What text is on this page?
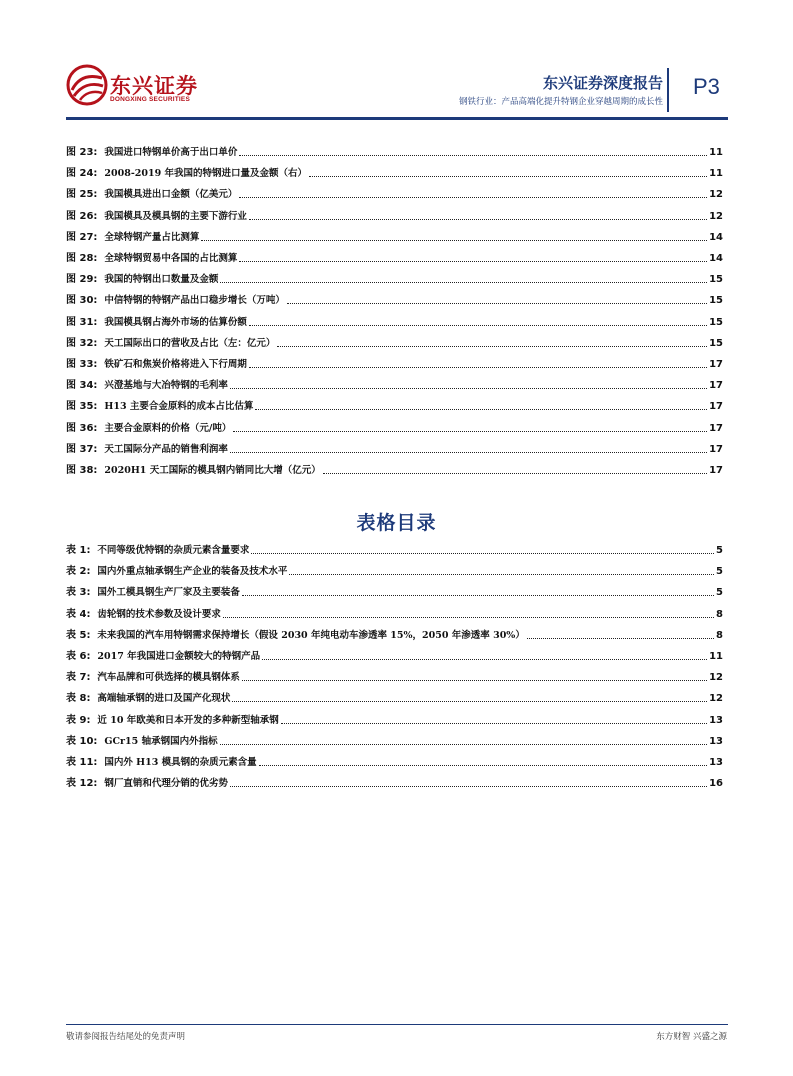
东兴证券
DONGXING SECURITIES
东兴证券深度报告
钢铁行业：产品高端化提升特钢企业穿越周期的成长性
P3
图 23:
我国进口特钢单价高于出口单价	11
图 24:
2008-2019 年我国的特钢进口量及金额（右）	11
图 25:
我国模具进出口金额（亿美元）	12
图 26:
我国模具及模具钢的主要下游行业	12
图 27:
全球特钢产量占比测算	14
图 28:
全球特钢贸易中各国的占比测算	14
图 29:
我国的特钢出口数量及金额	15
图 30:
中信特钢的特钢产品出口稳步增长（万吨）	15
图 31:
我国模具钢占海外市场的估算份额	15
图 32:
天工国际出口的营收及占比（左：亿元）	15
图 33:
铁矿石和焦炭价格将进入下行周期	17
图 34:
兴澄基地与大冶特钢的毛利率	17
图 35:
H13 主要合金原料的成本占比估算	17
图 36:
主要合金原料的价格（元/吨）	17
图 37:
天工国际分产品的销售利润率	17
图 38:
2020H1 天工国际的模具钢内销同比大增（亿元）	17
表格目录
表 1:
不同等级优特钢的杂质元素含量要求	5
表 2:
国内外重点轴承钢生产企业的装备及技术水平	5
表 3:
国外工模具钢生产厂家及主要装备	5
表 4:
齿轮钢的技术参数及设计要求	8
表 5:
未来我国的汽车用特钢需求保持增长（假设 2030 年纯电动车渗透率 15%，2050 年渗透率 30%）	8
表 6:
2017 年我国进口金额较大的特钢产品	11
表 7:
汽车品牌和可供选择的模具钢体系	12
表 8:
高端轴承钢的进口及国产化现状	12
表 9:
近 10 年欧美和日本开发的多种新型轴承钢	13
表 10:
GCr15 轴承钢国内外指标	13
表 11:
国内外 H13 模具钢的杂质元素含量	13
表 12:
钢厂直销和代理分销的优劣势	16
敬请参阅报告结尾处的免责声明	东方财智 兴盛之源
